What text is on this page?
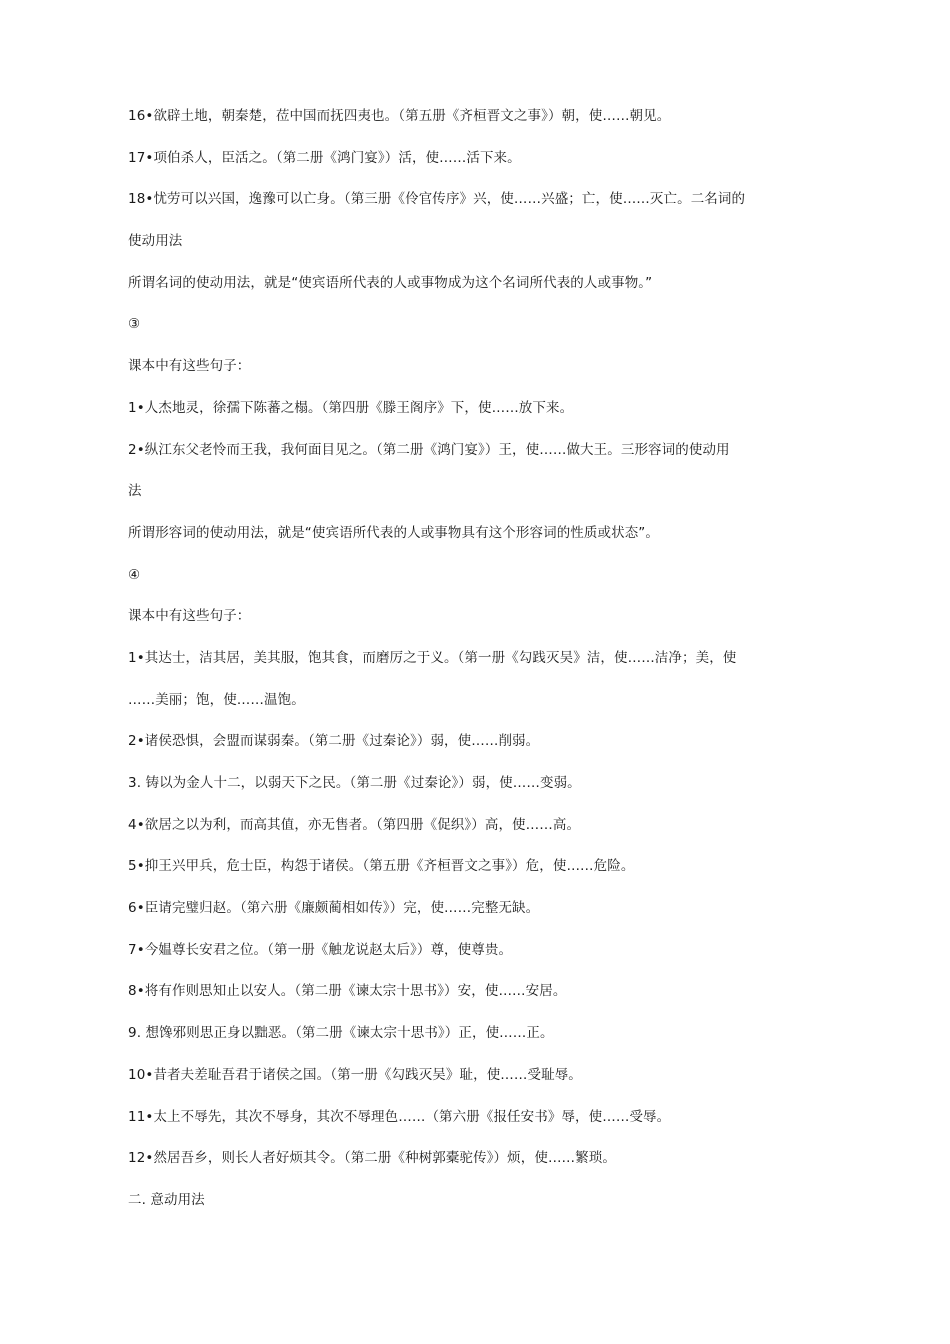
16•欲辟土地，朝秦楚，莅中国而抚四夷也。（第五册《齐桓晋文之事》）朝，使……朝见。
17•项伯杀人，臣活之。（第二册《鸿门宴》）活，使……活下来。
18•忧劳可以兴国，逸豫可以亡身。（第三册《伶官传序》兴，使……兴盛；亡，使……灭亡。二名词的
使动用法
所谓名词的使动用法，就是“使宾语所代表的人或事物成为这个名词所代表的人或事物。”
③
课本中有这些句子：
1•人杰地灵，徐孺下陈蕃之榻。（第四册《滕王阁序》下，使……放下来。
2•纵江东父老怜而王我，我何面目见之。（第二册《鸿门宴》）王，使……做大王。三形容词的使动用
法
所谓形容词的使动用法，就是“使宾语所代表的人或事物具有这个形容词的性质或状态”。
④
课本中有这些句子：
1•其达士，洁其居，美其服，饱其食，而磨厉之于义。（第一册《勾践灭吴》洁，使……洁净；美，使
……美丽；饱，使……温饱。
2•诸侯恐惧，会盟而谋弱秦。（第二册《过秦论》）弱，使……削弱。
3. 铸以为金人十二，以弱天下之民。（第二册《过秦论》）弱，使……变弱。
4•欲居之以为利，而高其值，亦无售者。（第四册《促织》）高，使……高。
5•抑王兴甲兵，危士臣，构怨于诸侯。（第五册《齐桓晋文之事》）危，使……危险。
6•臣请完璧归赵。（第六册《廉颇蔺相如传》）完，使……完整无缺。
7•今媪尊长安君之位。（第一册《触龙说赵太后》）尊，使尊贵。
8•将有作则思知止以安人。（第二册《谏太宗十思书》）安，使……安居。
9. 想馋邪则思正身以黜恶。（第二册《谏太宗十思书》）正，使……正。
10•昔者夫差耻吾君于诸侯之国。（第一册《勾践灭吴》耻，使……受耻辱。
11•太上不辱先，其次不辱身，其次不辱理色……（第六册《报任安书》辱，使……受辱。
12•然居吾乡，则长人者好烦其令。（第二册《种树郭橐驼传》）烦，使……繁琐。
二. 意动用法
